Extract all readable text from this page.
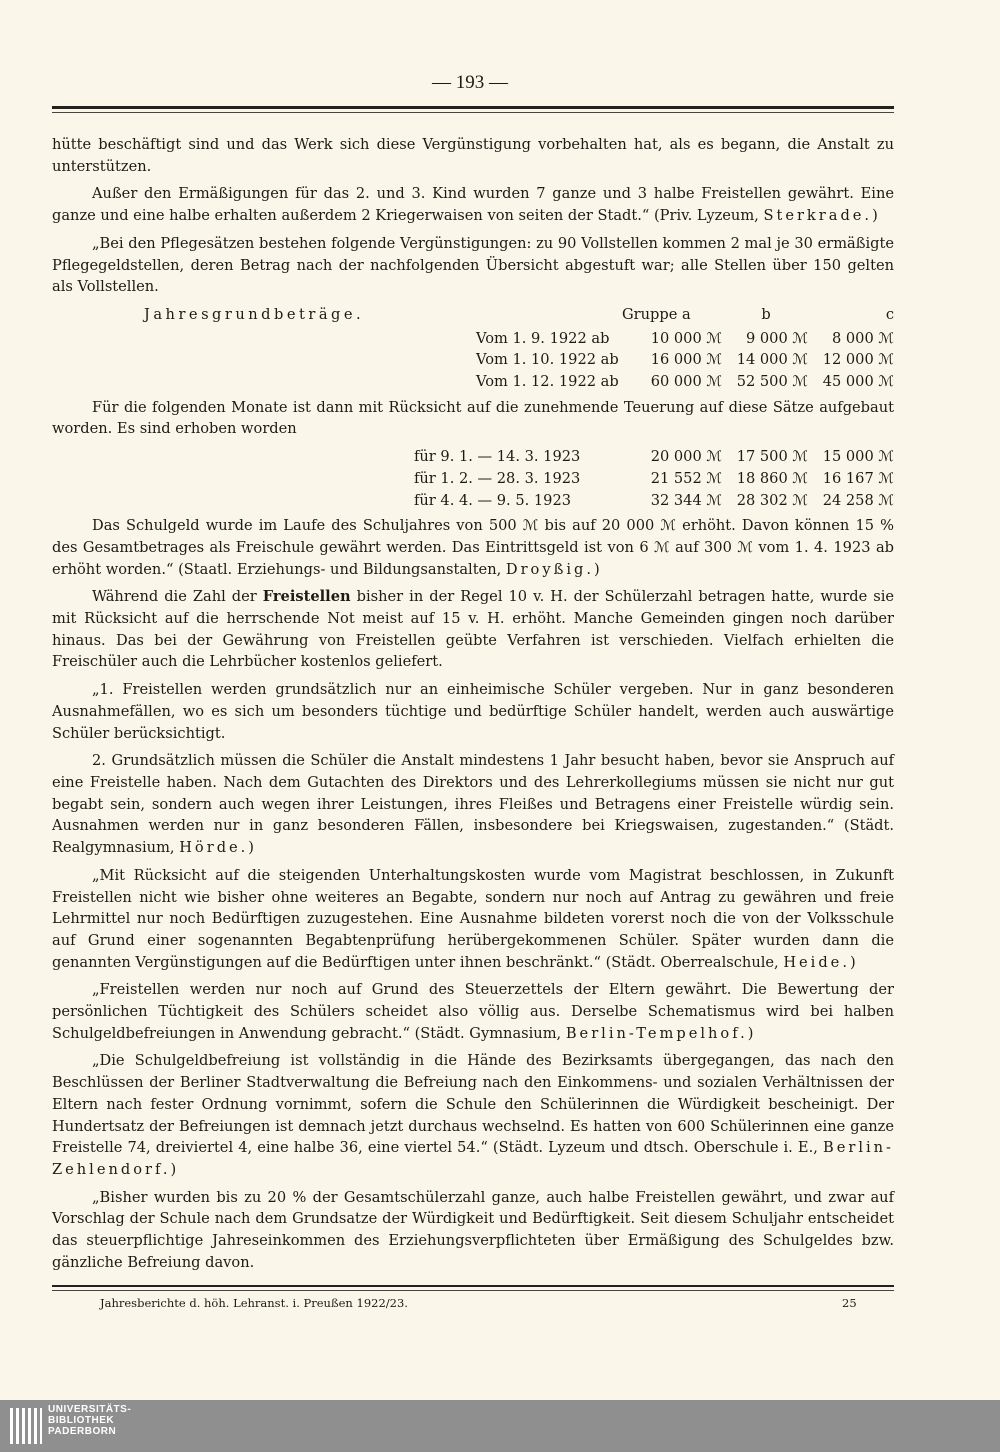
— 193 —

hütte beschäftigt sind und das Werk sich diese Vergünstigung vorbehalten hat, als es begann, die Anstalt zu unterstützen.

Außer den Ermäßigungen für das 2. und 3. Kind wurden 7 ganze und 3 halbe Freistellen gewährt. Eine ganze und eine halbe erhalten außerdem 2 Kriegerwaisen von seiten der Stadt.“ (Priv. Lyzeum, Sterkrade.)

„Bei den Pflegesätzen bestehen folgende Vergünstigungen: zu 90 Vollstellen kommen 2 mal je 30 ermäßigte Pflegegeldstellen, deren Betrag nach der nachfolgenden Übersicht abgestuft war; alle Stellen über 150 gelten als Vollstellen.

Jahresgrundbeträge.	Gruppe a	b	c
Vom 1. 9. 1922 ab	10 000 ℳ	9 000 ℳ	8 000 ℳ
Vom 1. 10. 1922 ab	16 000 ℳ	14 000 ℳ	12 000 ℳ
Vom 1. 12. 1922 ab	60 000 ℳ	52 500 ℳ	45 000 ℳ

Für die folgenden Monate ist dann mit Rücksicht auf die zunehmende Teuerung auf diese Sätze aufgebaut worden. Es sind erhoben worden

für 9. 1. — 14. 3. 1923	20 000 ℳ	17 500 ℳ	15 000 ℳ
für 1. 2. — 28. 3. 1923	21 552 ℳ	18 860 ℳ	16 167 ℳ
für 4. 4. — 9. 5. 1923	32 344 ℳ	28 302 ℳ	24 258 ℳ

Das Schulgeld wurde im Laufe des Schuljahres von 500 ℳ bis auf 20 000 ℳ erhöht. Davon können 15 % des Gesamtbetrages als Freischule gewährt werden. Das Eintrittsgeld ist von 6 ℳ auf 300 ℳ vom 1. 4. 1923 ab erhöht worden.“ (Staatl. Erziehungs- und Bildungsanstalten, Droyßig.)

Während die Zahl der Freistellen bisher in der Regel 10 v. H. der Schülerzahl betragen hatte, wurde sie mit Rücksicht auf die herrschende Not meist auf 15 v. H. erhöht. Manche Gemeinden gingen noch darüber hinaus. Das bei der Gewährung von Freistellen geübte Verfahren ist verschieden. Vielfach erhielten die Freischüler auch die Lehrbücher kostenlos geliefert.

„1. Freistellen werden grundsätzlich nur an einheimische Schüler vergeben. Nur in ganz besonderen Ausnahmefällen, wo es sich um besonders tüchtige und bedürftige Schüler handelt, werden auch auswärtige Schüler berücksichtigt.

2. Grundsätzlich müssen die Schüler die Anstalt mindestens 1 Jahr besucht haben, bevor sie Anspruch auf eine Freistelle haben. Nach dem Gutachten des Direktors und des Lehrerkollegiums müssen sie nicht nur gut begabt sein, sondern auch wegen ihrer Leistungen, ihres Fleißes und Betragens einer Freistelle würdig sein. Ausnahmen werden nur in ganz besonderen Fällen, insbesondere bei Kriegswaisen, zugestanden.“ (Städt. Realgymnasium, Hörde.)

„Mit Rücksicht auf die steigenden Unterhaltungskosten wurde vom Magistrat beschlossen, in Zukunft Freistellen nicht wie bisher ohne weiteres an Begabte, sondern nur noch auf Antrag zu gewähren und freie Lehrmittel nur noch Bedürftigen zuzugestehen. Eine Ausnahme bildeten vorerst noch die von der Volksschule auf Grund einer sogenannten Begabtenprüfung herübergekommenen Schüler. Später wurden dann die genannten Vergünstigungen auf die Bedürftigen unter ihnen beschränkt.“ (Städt. Oberrealschule, Heide.)

„Freistellen werden nur noch auf Grund des Steuerzettels der Eltern gewährt. Die Bewertung der persönlichen Tüchtigkeit des Schülers scheidet also völlig aus. Derselbe Schematismus wird bei halben Schulgeldbefreiungen in Anwendung gebracht.“ (Städt. Gymnasium, Berlin-Tempelhof.)

„Die Schulgeldbefreiung ist vollständig in die Hände des Bezirksamts übergegangen, das nach den Beschlüssen der Berliner Stadtverwaltung die Befreiung nach den Einkommens- und sozialen Verhältnissen der Eltern nach fester Ordnung vornimmt, sofern die Schule den Schülerinnen die Würdigkeit bescheinigt. Der Hundertsatz der Befreiungen ist demnach jetzt durchaus wechselnd. Es hatten von 600 Schülerinnen eine ganze Freistelle 74, dreiviertel 4, eine halbe 36, eine viertel 54.“ (Städt. Lyzeum und dtsch. Oberschule i. E., Berlin-Zehlendorf.)

„Bisher wurden bis zu 20 % der Gesamtschülerzahl ganze, auch halbe Freistellen gewährt, und zwar auf Vorschlag der Schule nach dem Grundsatze der Würdigkeit und Bedürftigkeit. Seit diesem Schuljahr entscheidet das steuerpflichtige Jahreseinkommen des Erziehungsverpflichteten über Ermäßigung des Schulgeldes bzw. gänzliche Befreiung davon.

Jahresberichte d. höh. Lehranst. i. Preußen 1922/23.	25
UNIVERSITÄTS-
BIBLIOTHEK
PADERBORN
